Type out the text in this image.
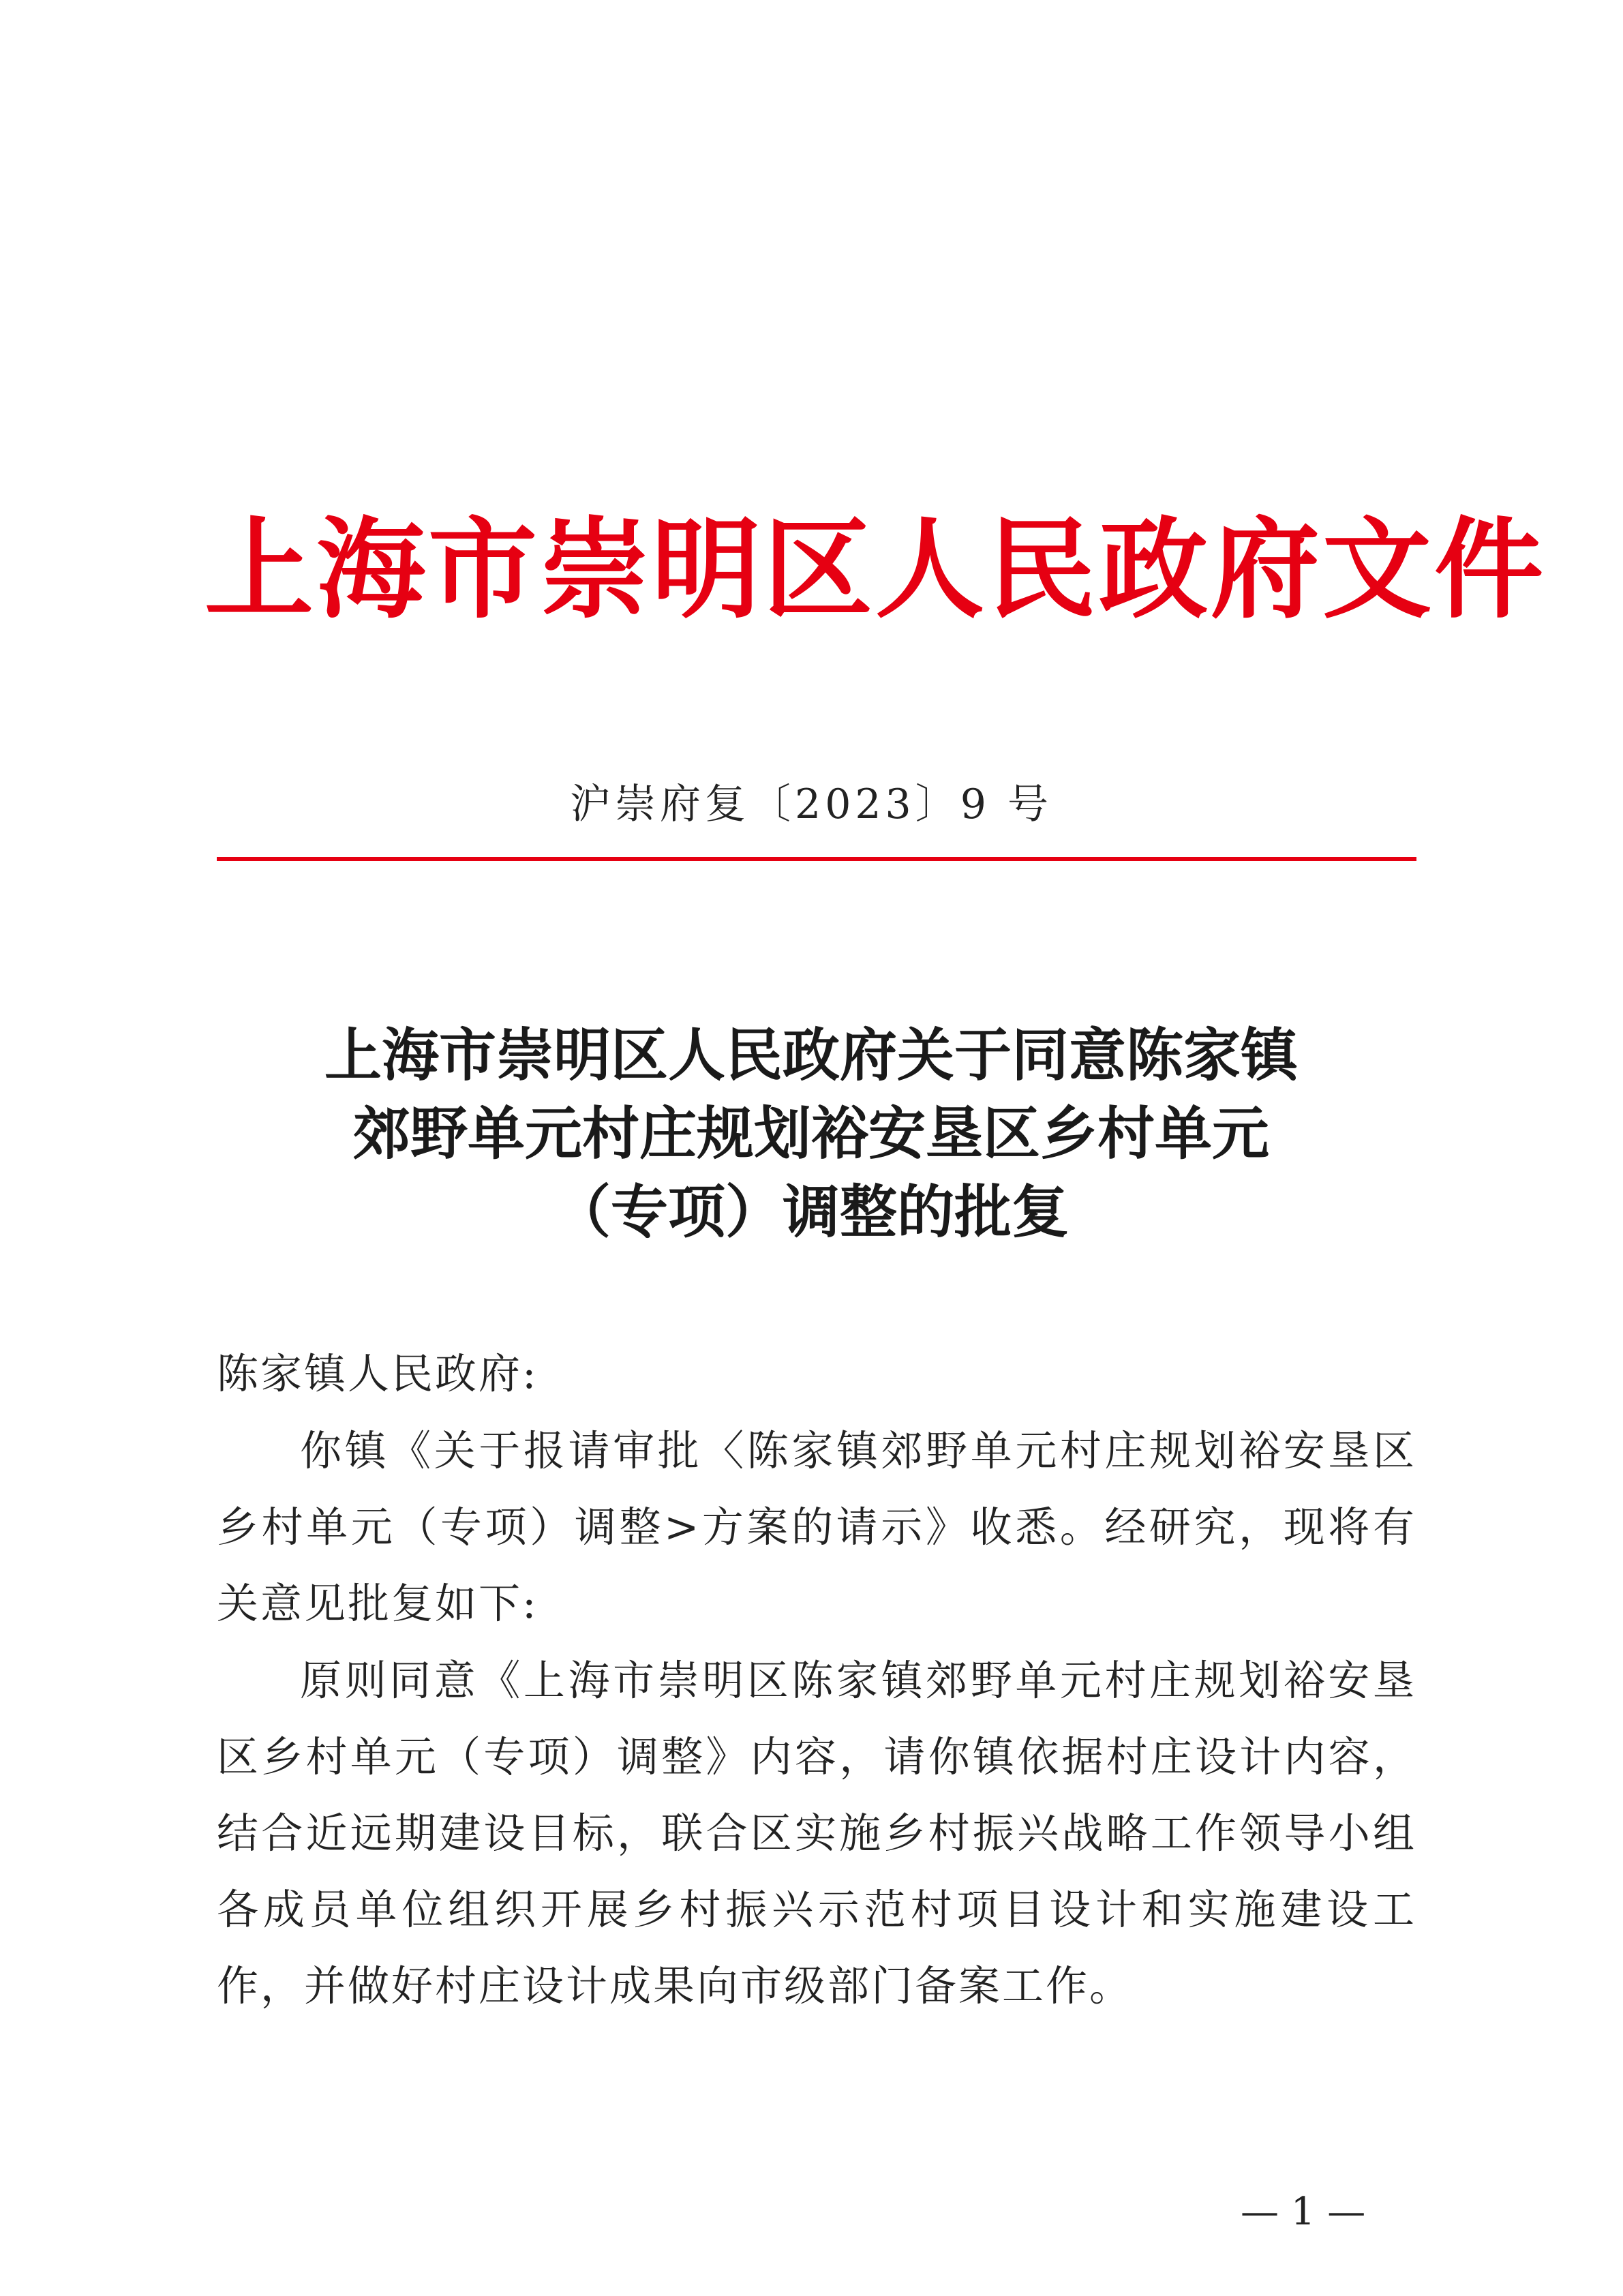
上海市崇明区人民政府文件
沪崇府复〔2023〕9 号
上海市崇明区人民政府关于同意陈家镇
郊野单元村庄规划裕安垦区乡村单元
（专项）调整的批复
陈家镇人民政府:
你镇《关于报请审批〈陈家镇郊野单元村庄规划裕安垦区乡村单元（专项）调整>方案的请示》收悉。经研究，现将有关意见批复如下:
原则同意《上海市崇明区陈家镇郊野单元村庄规划裕安垦区乡村单元（专项）调整》内容，请你镇依据村庄设计内容，结合近远期建设目标，联合区实施乡村振兴战略工作领导小组各成员单位组织开展乡村振兴示范村项目设计和实施建设工作，并做好村庄设计成果向市级部门备案工作。
— 1 —
